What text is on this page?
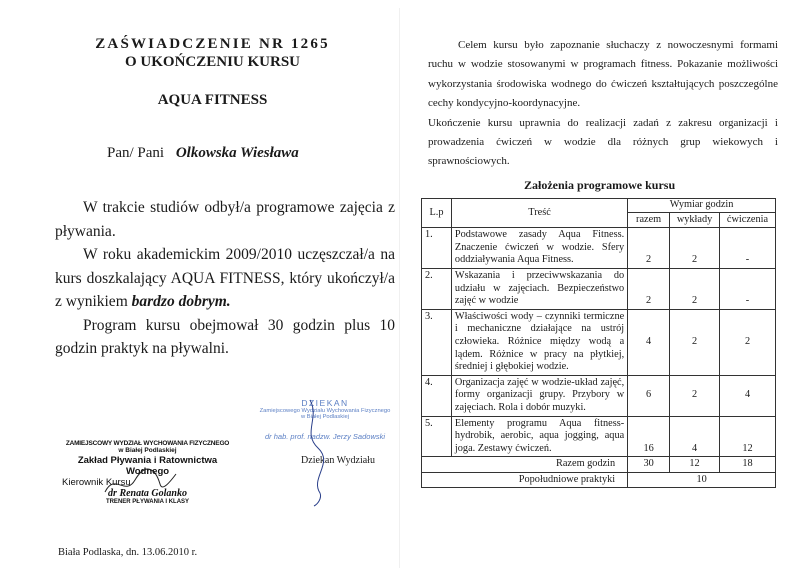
ZAŚWIADCZENIE NR 1265
O UKOŃCZENIU KURSU
AQUA FITNESS
Pan/ Pani Olkowska Wiesława
W trakcie studiów odbył/a programowe zajęcia z pływania.
W roku akademickim 2009/2010 uczęszczał/a na kurs doszkalający AQUA FITNESS, który ukończył/a z wynikiem bardzo dobrym.
Program kursu obejmował 30 godzin plus 10 godzin praktyk na pływalni.
ZAMIEJSCOWY WYDZIAŁ WYCHOWANIA FIZYCZNEGO
w Białej Podlaskiej
Zakład Pływania i Ratownictwa Wodnego
Kierownik Kursu
dr Renata Golanko
TRENER PŁYWANIA I KLASY
DZIEKAN
Zamiejscowego Wydziału Wychowania Fizycznego
w Białej Podlaskiej
dr hab. prof. nadzw. Jerzy Sadowski
Dziekan Wydziału
Biała Podlaska, dn. 13.06.2010 r.

Celem kursu było zapoznanie słuchaczy z nowoczesnymi formami ruchu w wodzie stosowanymi w programach fitness. Pokazanie możliwości wykorzystania środowiska wodnego do ćwiczeń kształtujących poszczególne cechy kondycyjno-koordynacyjne.

Ukończenie kursu uprawnia do realizacji zadań z zakresu organizacji i prowadzenia ćwiczeń w wodzie dla różnych grup wiekowych i sprawnościowych.

Założenia programowe kursu
L.p	Treść	Wymiar godzin		
		razem	wykłady	ćwiczenia
1.	Podstawowe zasady Aqua Fitness. Znaczenie ćwiczeń w wodzie. Sfery oddziaływania Aqua Fitness.	2	2	-
2.	Wskazania i przeciwwskazania do udziału w zajęciach. Bezpieczeństwo zajęć w wodzie	2	2	-
3.	Właściwości wody – czynniki termiczne i mechaniczne działające na ustrój człowieka. Różnice między wodą a lądem. Różnice w pracy na płytkiej, średniej i głębokiej wodzie.	4	2	2
4.	Organizacja zajęć w wodzie-układ zajęć, formy organizacji grupy. Przybory w zajęciach. Rola i dobór muzyki.	6	2	4
5.	Elementy programu Aqua fitness-hydrobik, aerobic, aqua jogging, aqua joga. Zestawy ćwiczeń.	16	4	12
Razem godzin		30	12	18
Popołudniowe praktyki		10		
